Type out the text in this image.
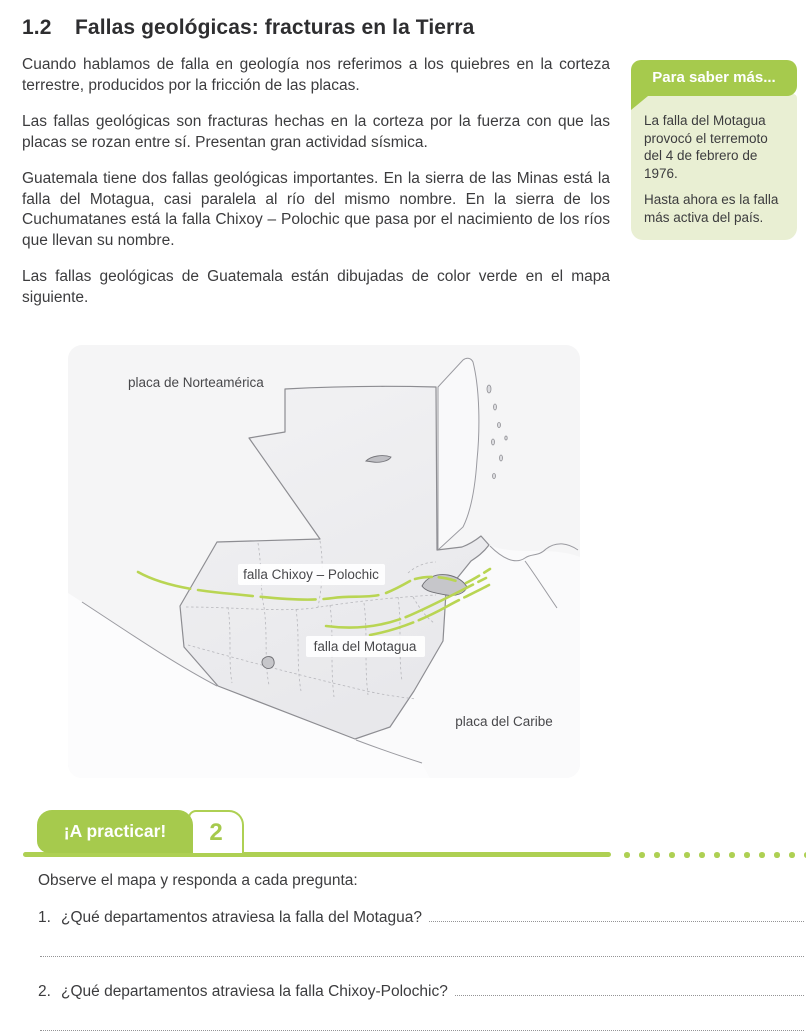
1.2 Fallas geológicas: fracturas en la Tierra

Cuando hablamos de falla en geología nos referimos a los quiebres en la corteza terrestre, producidos por la fricción de las placas.

Las fallas geológicas son fracturas hechas en la corteza por la fuerza con que las placas se rozan entre sí. Presentan gran actividad sísmica.

Guatemala tiene dos fallas geológicas importantes. En la sierra de las Minas está la falla del Motagua, casi paralela al río del mismo nombre. En la sierra de los Cuchumatanes está la falla Chixoy – Polochic que pasa por el nacimiento de los ríos que llevan su nombre.

Las fallas geológicas de Guatemala están dibujadas de color verde en el mapa siguiente.

Para saber más...

La falla del Motagua provocó el terremoto del 4 de febrero de 1976.

Hasta ahora es la falla más activa del país.

placa de Norteamérica
falla Chixoy – Polochic
falla del Motagua
placa del Caribe
2
¡A practicar!

Observe el mapa y responda a cada pregunta:

1. ¿Qué departamentos atraviesa la falla del Motagua?
2. ¿Qué departamentos atraviesa la falla Chixoy-Polochic?
